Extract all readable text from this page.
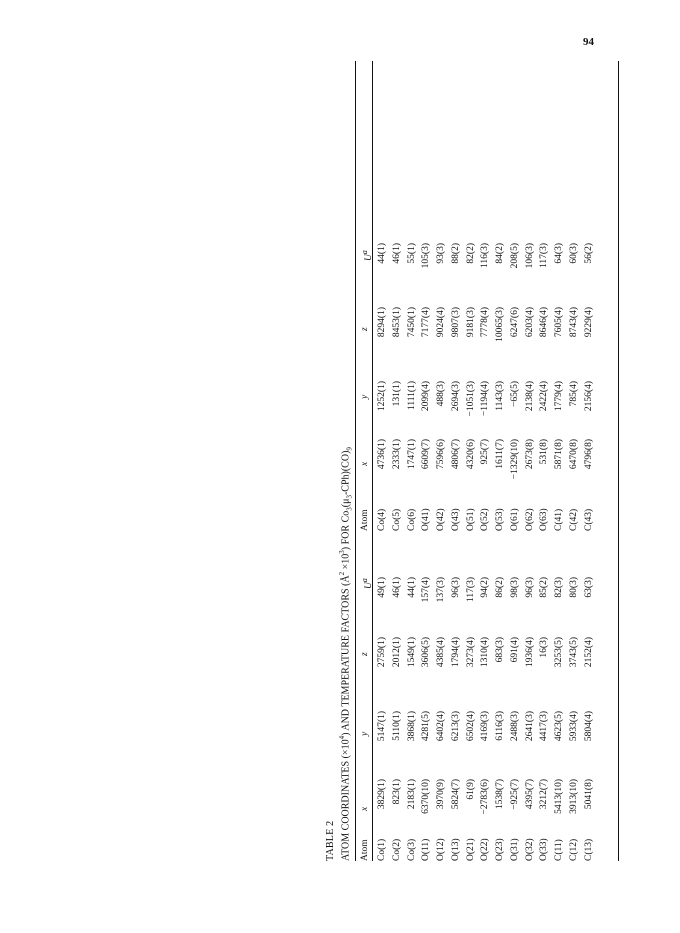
94
TABLE 2 ATOM COORDINATES $(\times 10^4)$ AND TEMPERATURE FACTORS $(Å^2 \times 10^3)$ FOR $Co_3(\mu_3-CPh)(CO)_9$
Atom
x
y
z
$U^a$
Atom
x
y
z
$U^a$
Co(1) Co(2) Co(3) O(11) O(12) O(13) O(21) O(22) O(23) O(31) O(32) O(33) C(11) C(12) C(13)
3829(1) 823(1) 2183(1) 6370(10) 3970(9) 5824(7) 61(9) −2783(6) 1538(7) −925(7) 4395(7) 3212(7) 5413(10) 3913(10) 5041(8)
5147(1) 5110(1) 3868(1) 4281(5) 6402(4) 6213(3) 6502(4) 4169(3) 6116(3) 2488(3) 2641(3) 4417(3) 4623(5) 5933(4) 5804(4)
2759(1) 2012(1) 1549(1) 3606(5) 4385(4) 1794(4) 3273(4) 1310(4) 683(3) 691(4) 1936(4) 16(3) 3253(5) 3743(5) 2152(4)
49(1) 46(1) 44(1) 157(4) 137(3) 96(3) 117(3) 94(2) 86(2) 98(3) 96(3) 85(2) 82(3) 80(3) 63(3)
Co(4) Co(5) Co(6) O(41) O(42) O(43) O(51) O(52) O(53) O(61) O(62) O(63) C(41) C(42) C(43)
4736(1) 2333(1) 1747(1) 6609(7) 7596(6) 4806(7) 4320(6) 925(7) 1611(7) −1329(10) 2673(8) 531(8) 5871(8) 6470(8) 4796(8)
1252(1) 131(1) 1111(1) 2099(4) 488(3) 2694(3) −1051(3) −1194(4) 1143(3) −65(5) 2138(4) 2422(4) 1779(4) 785(4) 2156(4)
8294(1) 8453(1) 7450(1) 7177(4) 9024(4) 9807(3) 9181(3) 7778(4) 10065(3) 6247(6) 6203(4) 8646(4) 7605(4) 8743(4) 9229(4)
44(1) 46(1) 55(1) 105(3) 93(3) 88(2) 82(2) 116(3) 84(2) 208(5) 106(3) 117(3) 64(3) 60(3) 56(2)
